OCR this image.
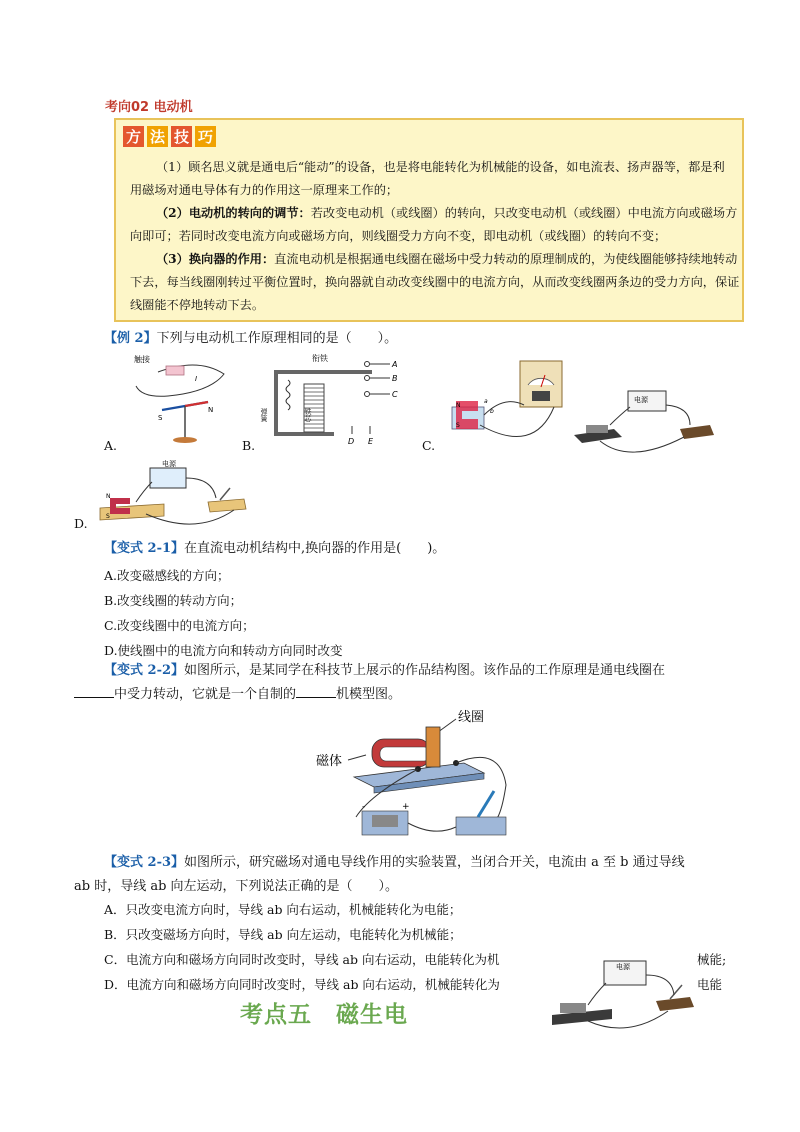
考向02 电动机
方 法 技 巧
（1）顾名思义就是通电后“能动”的设备，也是将电能转化为机械能的设备，如电流表、扬声器等，都是利
用磁场对通电导体有力的作用这一原理来工作的；
（2）电动机的转向的调节：若改变电动机（或线圈）的转向，只改变电动机（或线圈）中电流方向或磁场方
向即可；若同时改变电流方向或磁场方向，则线圈受力方向不变，即电动机（或线圈）的转向不变；
（3）换向器的作用：直流电动机是根据通电线圈在磁场中受力转动的原理制成的，为使线圈能够持续地转动
下去，每当线圈刚转过平衡位置时，换向器就自动改变线圈中的电流方向，从而改变线圈两条边的受力方向，保证
线圈能不停地转动下去。
【例 2】下列与电动机工作原理相同的是（　　）。
触接
I
S
N
A.
衔铁
铁芯
弹簧
A
B
C
D E
B.
N
S
a
b
C.
电源
电源
N
S
D.
【变式 2-1】在直流电动机结构中,换向器的作用是(　　)。
A.改变磁感线的方向；
B.改变线圈的转动方向；
C.改变线圈中的电流方向；
D.使线圈中的电流方向和转动方向同时改变
【变式 2-2】如图所示，是某同学在科技节上展示的作品结构图。该作品的工作原理是通电线圈在
中受力转动，它就是一个自制的	机模型图。
线圈
磁体
-	+
【变式 2-3】如图所示，研究磁场对通电导线作用的实验装置，当闭合开关，电流由 a 至 b 通过导线
ab 时，导线 ab 向左运动，下列说法正确的是（　　）。
A．只改变电流方向时，导线 ab 向右运动，机械能转化为电能；
B．只改变磁场方向时，导线 ab 向左运动，电能转化为机械能；
C．电流方向和磁场方向同时改变时，导线 ab 向右运动，电能转化为机	械能;
D．电流方向和磁场方向同时改变时，导线 ab 向右运动，机械能转化为	电能
电源
考点五　磁生电
